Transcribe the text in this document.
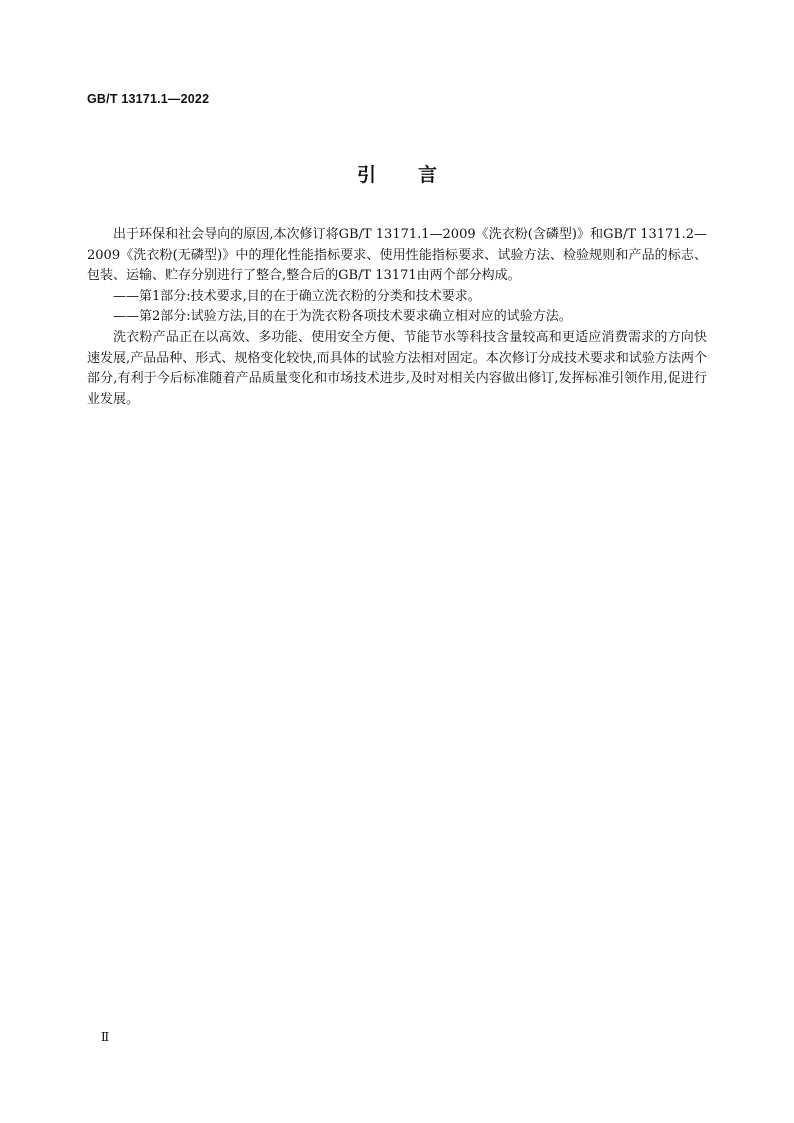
GB/T 13171.1—2022
引言

出于环保和社会导向的原因,本次修订将GB/T 13171.1—2009《洗衣粉(含磷型)》和GB/T 13171.2—2009《洗衣粉(无磷型)》中的理化性能指标要求、使用性能指标要求、试验方法、检验规则和产品的标志、包装、运输、贮存分别进行了整合,整合后的GB/T 13171由两个部分构成。

——第1部分:技术要求,目的在于确立洗衣粉的分类和技术要求。

——第2部分:试验方法,目的在于为洗衣粉各项技术要求确立相对应的试验方法。

洗衣粉产品正在以高效、多功能、使用安全方便、节能节水等科技含量较高和更适应消费需求的方向快速发展,产品品种、形式、规格变化较快,而具体的试验方法相对固定。本次修订分成技术要求和试验方法两个部分,有利于今后标准随着产品质量变化和市场技术进步,及时对相关内容做出修订,发挥标准引领作用,促进行业发展。

Ⅱ
